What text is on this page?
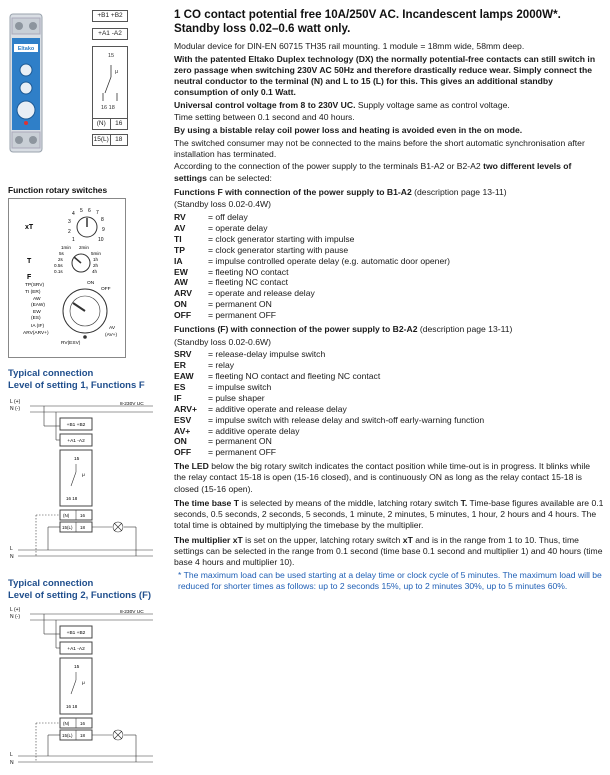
Eltako
+B1 +B2
+A1 -A2
15
μ
16 18
(N)	16
15(L) 18
Function rotary switches
xT
4 5 6 7
3	8
2	9
1	10
T
1min 2min
5s	5min
2s	1h
0.5s	2h
0.1s	4h
F
TP(SRV)
TI (ER)
AW
(EAW)
EW
(ES)
IA (IF)
ARV(ARV+)
RV(ESV)
ON
OFF
AV
(AV+)
Typical connection
Level of setting 1, Functions F
L (+)
N (-)
8-230V UC
+B1 +B2
+A1 -A2
15
μ
16 18
(N) 16
15(L) 18
L
N
Typical connection
Level of setting 2, Functions (F)
L (+)
N (-)
8-230V UC
+B1 +B2
+A1 -A2
15
μ
16 18
(N) 16
15(L) 18
L
N
1 CO contact potential free 10A/250V AC. Incandescent lamps 2000W*. Standby loss 0.02–0.6 watt only.

Modular device for DIN-EN 60715 TH35 rail mounting. 1 module = 18mm wide, 58mm deep.

With the patented Eltako Duplex technology (DX) the normally potential-free contacts can still switch in zero passage when switching 230V AC 50Hz and therefore drastically reduce wear. Simply connect the neutral conductor to the terminal (N) and L to 15 (L) for this. This gives an additional standby consumption of only 0.1 Watt.

Universal control voltage from 8 to 230V UC. Supply voltage same as control voltage.

Time setting between 0.1 second and 40 hours.

By using a bistable relay coil power loss and heating is avoided even in the on mode.

The switched consumer may not be connected to the mains before the short automatic synchronisation after installation has terminated.

According to the connection of the power supply to the terminals B1-A2 or B2-A2 two different levels of settings can be selected:

Functions F with connection of the power supply to B1-A2 (description page 13-11)

(Standby loss 0.02-0.4W)

RV	= off delay
AV	= operate delay
TI	= clock generator starting with impulse
TP	= clock generator starting with pause
IA	= impulse controlled operate delay (e.g. automatic door opener)
EW	= fleeting NO contact
AW	= fleeting NC contact
ARV	= operate and release delay
ON	= permanent ON
OFF	= permanent OFF

Functions (F) with connection of the power supply to B2-A2 (description page 13-11)

(Standby loss 0.02-0.6W)

SRV	= release-delay impulse switch
ER	= relay
EAW	= fleeting NO contact and fleeting NC contact
ES	= impulse switch
IF	= pulse shaper
ARV+	= additive operate and release delay
ESV	= impulse switch with release delay and switch-off early-warning function
AV+	= additive operate delay
ON	= permanent ON
OFF	= permanent OFF

The LED below the big rotary switch indicates the contact position while time-out is in progress. It blinks while the relay contact 15-18 is open (15-16 closed), and is continuously ON as long as the relay contact 15-18 is closed (15-16 open).

The time base T is selected by means of the middle, latching rotary switch T. Time-base figures available are 0.1 seconds, 0.5 seconds, 2 seconds, 5 seconds, 1 minute, 2 minutes, 5 minutes, 1 hour, 2 hours and 4 hours. The total time is obtained by multiplying the timebase by the multiplier.

The multiplier xT is set on the upper, latching rotary switch xT and is in the range from 1 to 10. Thus, time settings can be selected in the range from 0.1 second (time base 0.1 second and multiplier 1) and 40 hours (time base 4 hours and multiplier 10).

* The maximum load can be used starting at a delay time or clock cycle of 5 minutes. The maximum load will be reduced for shorter times as follows: up to 2 seconds 15%, up to 2 minutes 30%, up to 5 minutes 60%.
